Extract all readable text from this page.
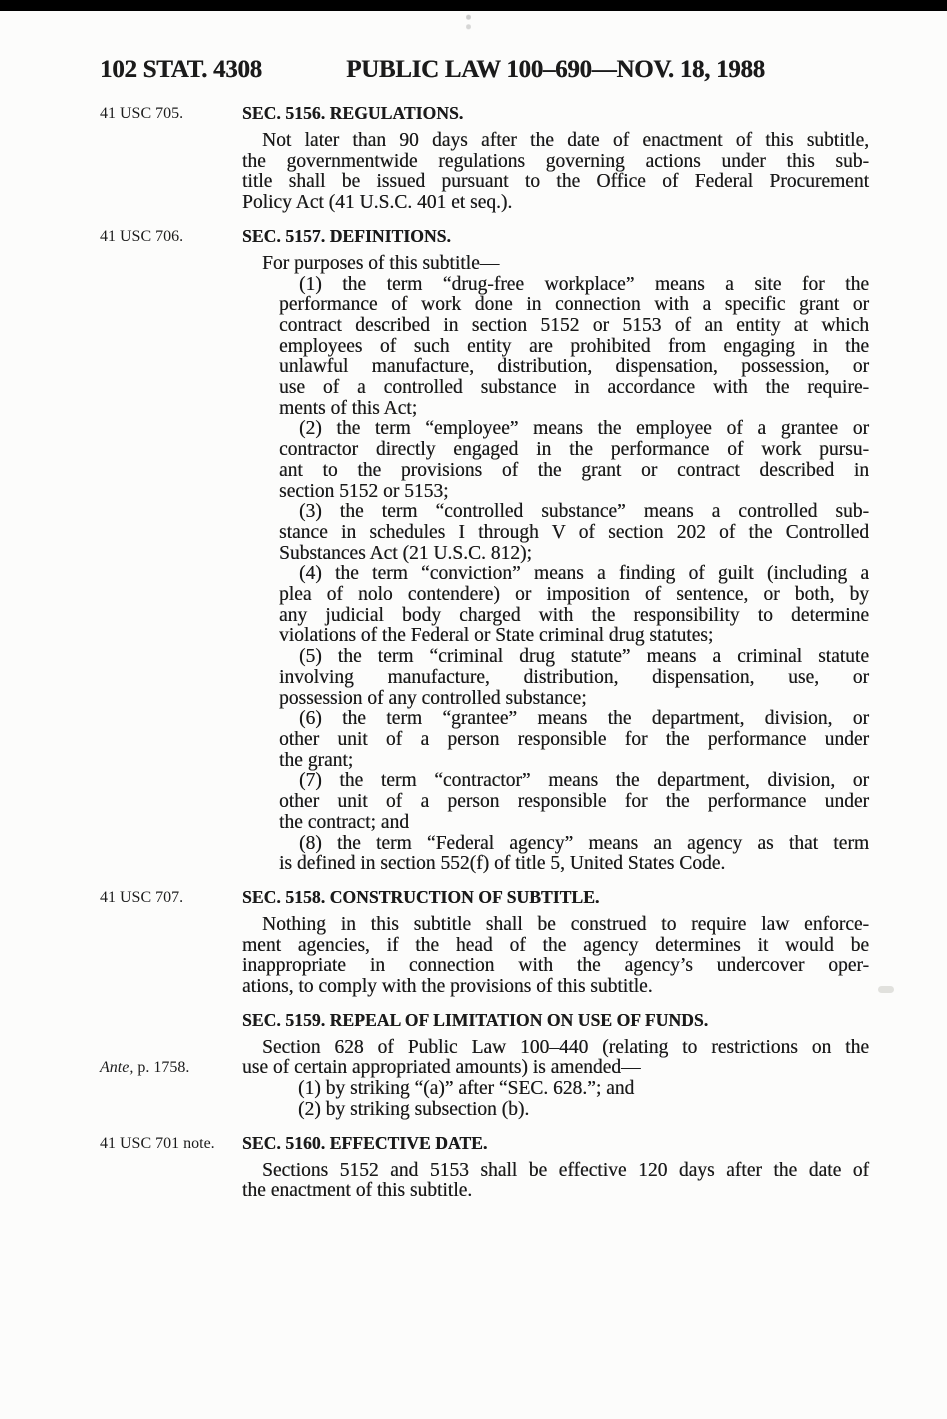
102 STAT. 4308	PUBLIC LAW 100–690—NOV. 18, 1988
41 USC 705.	SEC. 5156. REGULATIONS.
Not later than 90 days after the date of enactment of this subtitle,
the governmentwide regulations governing actions under this sub-
title shall be issued pursuant to the Office of Federal Procurement
Policy Act (41 U.S.C. 401 et seq.).
41 USC 706.	SEC. 5157. DEFINITIONS.
For purposes of this subtitle—
(1) the term “drug-free workplace” means a site for the
performance of work done in connection with a specific grant or
contract described in section 5152 or 5153 of an entity at which
employees of such entity are prohibited from engaging in the
unlawful manufacture, distribution, dispensation, possession, or
use of a controlled substance in accordance with the require-
ments of this Act;
(2) the term “employee” means the employee of a grantee or
contractor directly engaged in the performance of work pursu-
ant to the provisions of the grant or contract described in
section 5152 or 5153;
(3) the term “controlled substance” means a controlled sub-
stance in schedules I through V of section 202 of the Controlled
Substances Act (21 U.S.C. 812);
(4) the term “conviction” means a finding of guilt (including a
plea of nolo contendere) or imposition of sentence, or both, by
any judicial body charged with the responsibility to determine
violations of the Federal or State criminal drug statutes;
(5) the term “criminal drug statute” means a criminal statute
involving manufacture, distribution, dispensation, use, or
possession of any controlled substance;
(6) the term “grantee” means the department, division, or
other unit of a person responsible for the performance under
the grant;
(7) the term “contractor” means the department, division, or
other unit of a person responsible for the performance under
the contract; and
(8) the term “Federal agency” means an agency as that term
is defined in section 552(f) of title 5, United States Code.
41 USC 707.	SEC. 5158. CONSTRUCTION OF SUBTITLE.
Nothing in this subtitle shall be construed to require law enforce-
ment agencies, if the head of the agency determines it would be
inappropriate in connection with the agency’s undercover oper-
ations, to comply with the provisions of this subtitle.
Ante, p. 1758.
SEC. 5159. REPEAL OF LIMITATION ON USE OF FUNDS.
Section 628 of Public Law 100–440 (relating to restrictions on the
use of certain appropriated amounts) is amended—
(1) by striking “(a)” after “SEC. 628.”; and
(2) by striking subsection (b).
41 USC 701 note.	SEC. 5160. EFFECTIVE DATE.
Sections 5152 and 5153 shall be effective 120 days after the date of
the enactment of this subtitle.
